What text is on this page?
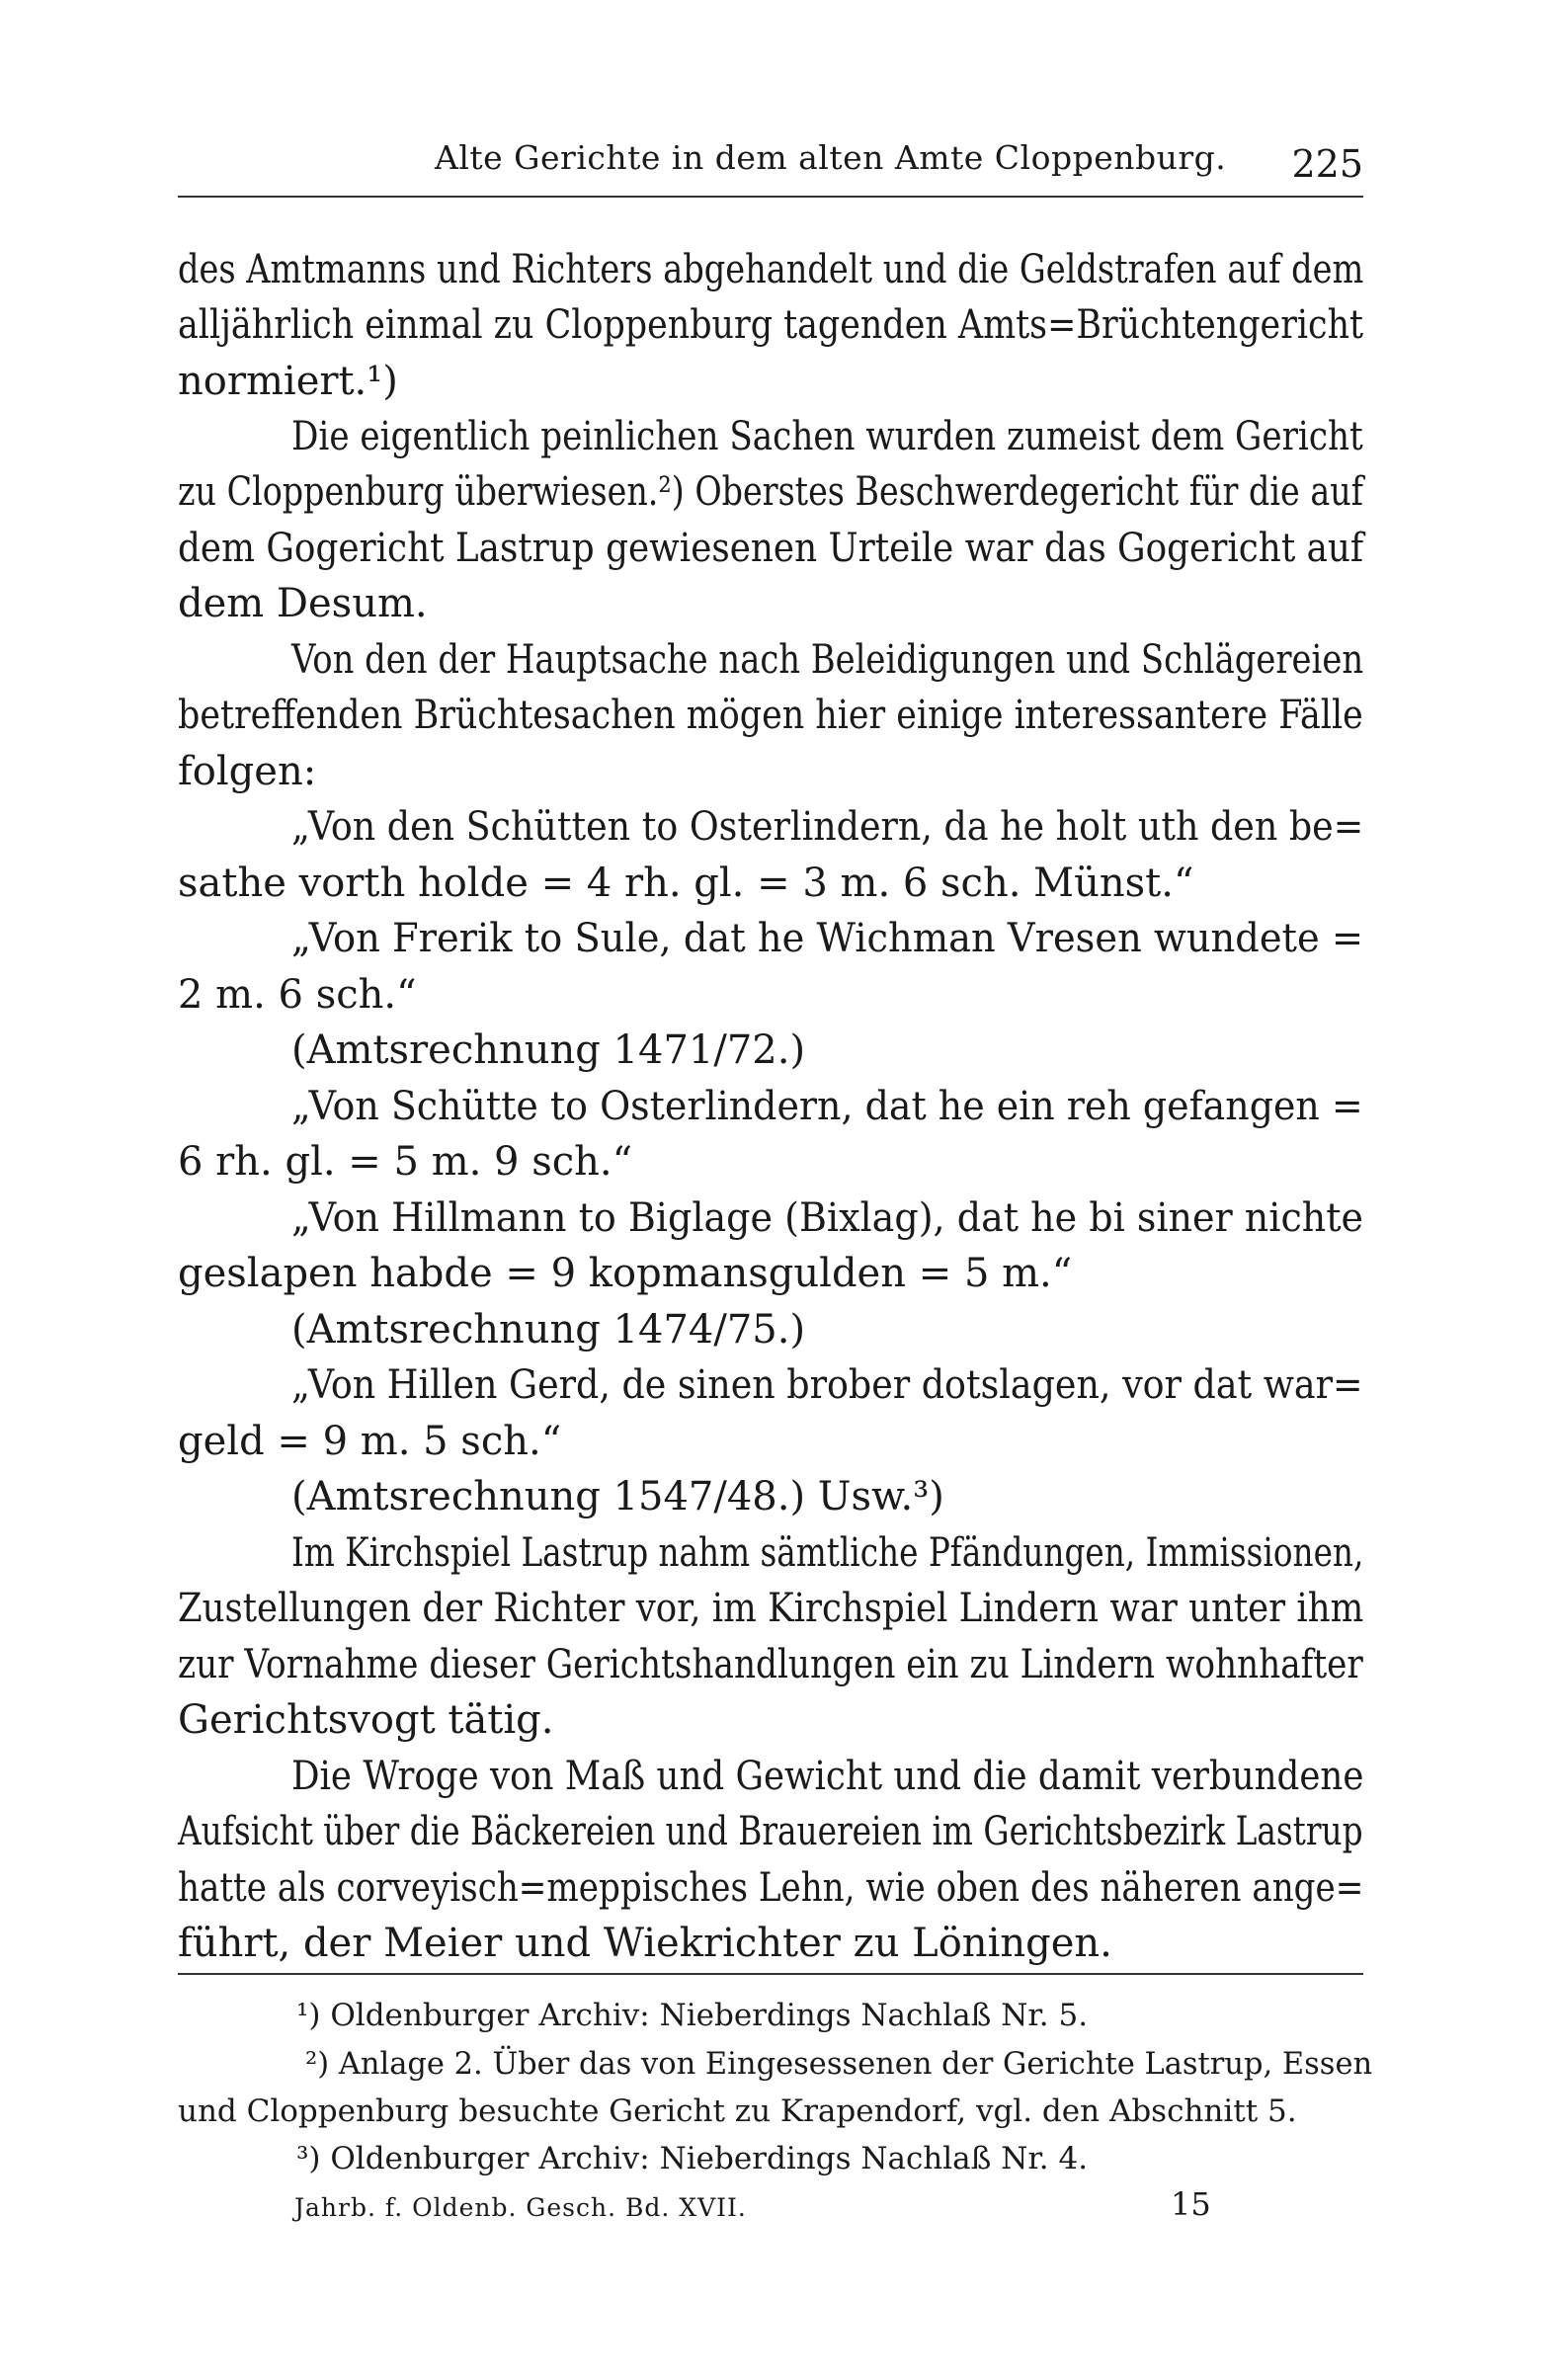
Alte Gerichte in dem alten Amte Cloppenburg. 225
des Amtmanns und Richters abgehandelt und die Geldstrafen auf dem
alljährlich einmal zu Cloppenburg tagenden Amts=Brüchtengericht
normiert.¹)
Die eigentlich peinlichen Sachen wurden zumeist dem Gericht
zu Cloppenburg überwiesen.²) Oberstes Beschwerdegericht für die auf
dem Gogericht Lastrup gewiesenen Urteile war das Gogericht auf
dem Desum.
Von den der Hauptsache nach Beleidigungen und Schlägereien
betreffenden Brüchtesachen mögen hier einige interessantere Fälle
folgen:
„Von den Schütten to Osterlindern, da he holt uth den be=
sathe vorth holde = 4 rh. gl. = 3 m. 6 sch. Münst.“
„Von Frerik to Sule, dat he Wichman Vresen wundete =
2 m. 6 sch.“
(Amtsrechnung 1471/72.)
„Von Schütte to Osterlindern, dat he ein reh gefangen =
6 rh. gl. = 5 m. 9 sch.“
„Von Hillmann to Biglage (Bixlag), dat he bi siner nichte
geslapen habde = 9 kopmansgulden = 5 m.“
(Amtsrechnung 1474/75.)
„Von Hillen Gerd, de sinen brober dotslagen, vor dat war=
geld = 9 m. 5 sch.“
(Amtsrechnung 1547/48.) Usw.³)
Im Kirchspiel Lastrup nahm sämtliche Pfändungen, Immissionen,
Zustellungen der Richter vor, im Kirchspiel Lindern war unter ihm
zur Vornahme dieser Gerichtshandlungen ein zu Lindern wohnhafter
Gerichtsvogt tätig.
Die Wroge von Maß und Gewicht und die damit verbundene
Aufsicht über die Bäckereien und Brauereien im Gerichtsbezirk Lastrup
hatte als corveyisch=meppisches Lehn, wie oben des näheren ange=
führt, der Meier und Wiekrichter zu Löningen.
¹) Oldenburger Archiv: Nieberdings Nachlaß Nr. 5.
²) Anlage 2. Über das von Eingesessenen der Gerichte Lastrup, Essen
und Cloppenburg besuchte Gericht zu Krapendorf, vgl. den Abschnitt 5.
³) Oldenburger Archiv: Nieberdings Nachlaß Nr. 4.
Jahrb. f. Oldenb. Gesch. Bd. XVII.	15
